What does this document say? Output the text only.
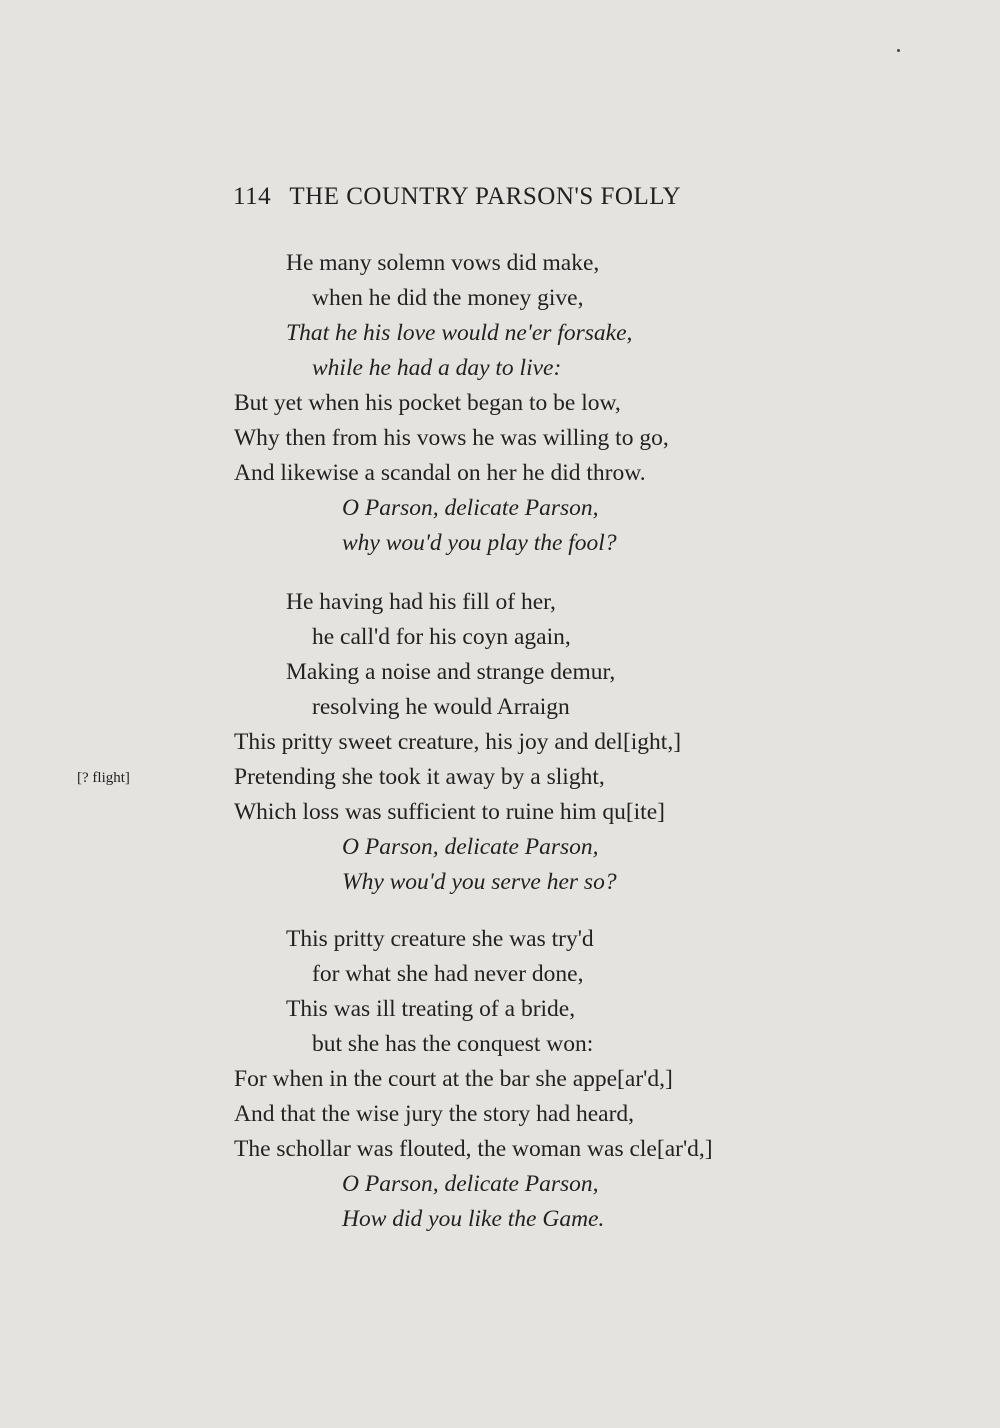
114 THE COUNTRY PARSON'S FOLLY
He many solemn vows did make,
when he did the money give,
That he his love would ne'er forsake,
while he had a day to live:
But yet when his pocket began to be low,
Why then from his vows he was willing to go,
And likewise a scandal on her he did throw.
O Parson, delicate Parson,
why wou'd you play the fool?
He having had his fill of her,
he call'd for his coyn again,
Making a noise and strange demur,
resolving he would Arraign
This pritty sweet creature, his joy and del[ight,]
Pretending she took it away by a slight,
Which loss was sufficient to ruine him qu[ite]
O Parson, delicate Parson,
Why wou'd you serve her so?
[? flight]
This pritty creature she was try'd
for what she had never done,
This was ill treating of a bride,
but she has the conquest won:
For when in the court at the bar she appe[ar'd,]
And that the wise jury the story had heard,
The schollar was flouted, the woman was cle[ar'd,]
O Parson, delicate Parson,
How did you like the Game.
